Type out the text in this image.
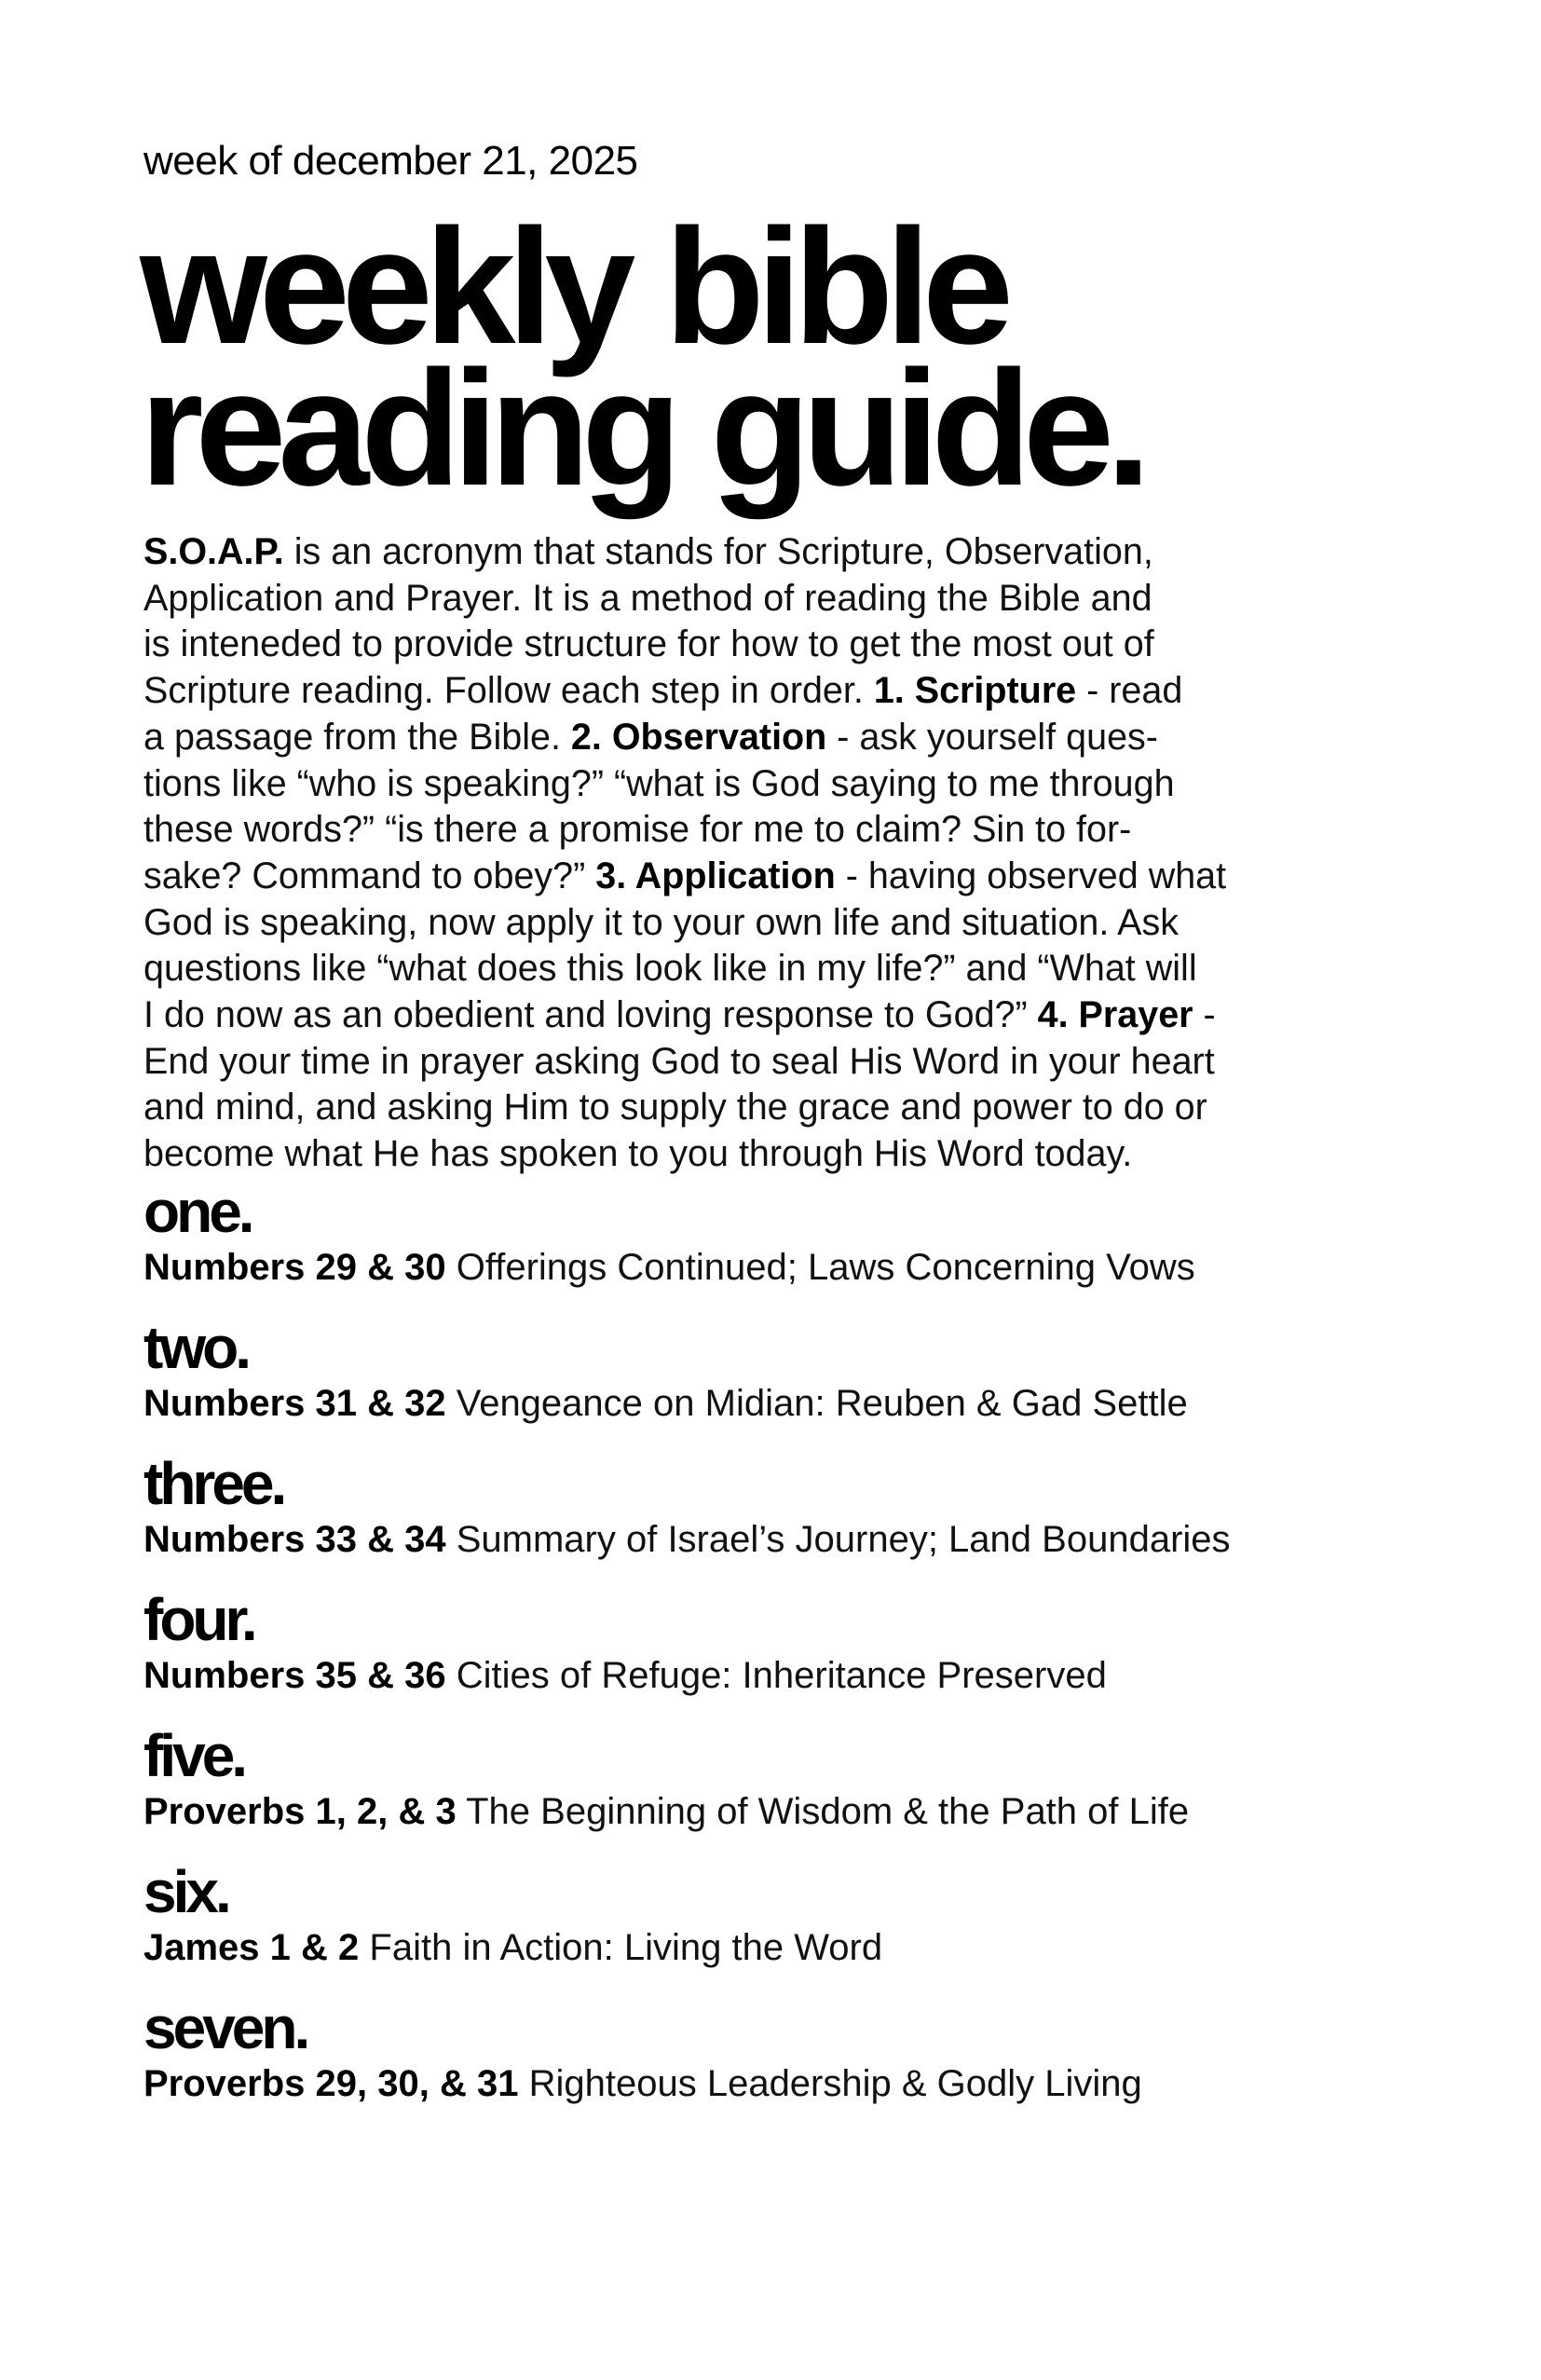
week of december 21, 2025
weekly bible
reading guide.
S.O.A.P. is an acronym that stands for Scripture, Observation,
Application and Prayer. It is a method of reading the Bible and
is inteneded to provide structure for how to get the most out of
Scripture reading. Follow each step in order. 1. Scripture - read
a passage from the Bible. 2. Observation - ask yourself ques-
tions like “who is speaking?” “what is God saying to me through
these words?” “is there a promise for me to claim? Sin to for-
sake? Command to obey?” 3. Application - having observed what
God is speaking, now apply it to your own life and situation. Ask
questions like “what does this look like in my life?” and “What will
I do now as an obedient and loving response to God?” 4. Prayer -
End your time in prayer asking God to seal His Word in your heart
and mind, and asking Him to supply the grace and power to do or
become what He has spoken to you through His Word today.
one.
Numbers 29 & 30 Offerings Continued; Laws Concerning Vows
two.
Numbers 31 & 32 Vengeance on Midian: Reuben & Gad Settle
three.
Numbers 33 & 34 Summary of Israel’s Journey; Land Boundaries
four.
Numbers 35 & 36 Cities of Refuge: Inheritance Preserved
five.
Proverbs 1, 2, & 3 The Beginning of Wisdom & the Path of Life
six.
James 1 & 2 Faith in Action: Living the Word
seven.
Proverbs 29, 30, & 31 Righteous Leadership & Godly Living
